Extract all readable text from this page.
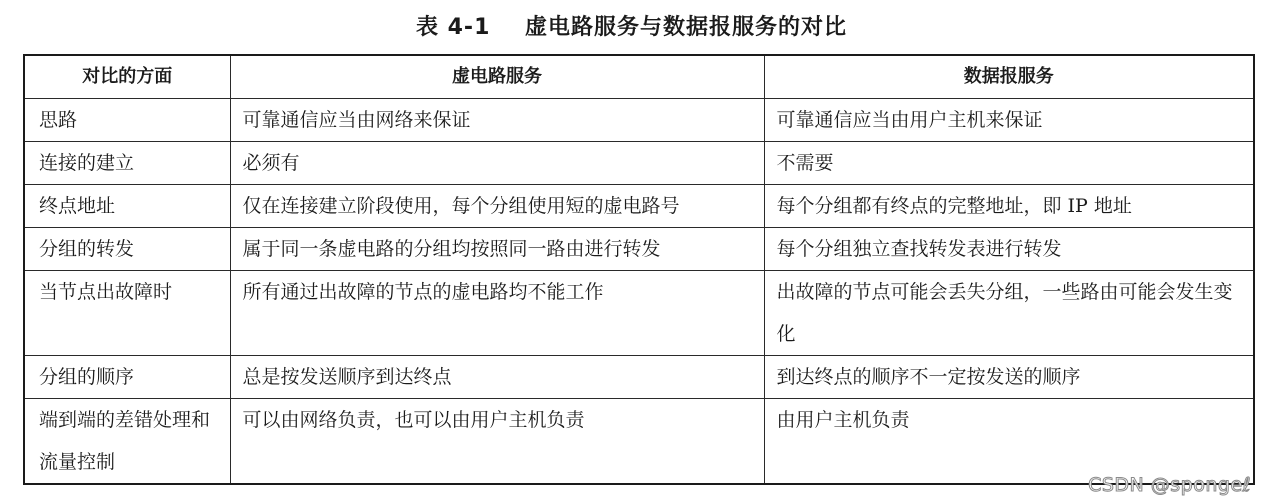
表 4-1    虚电路服务与数据报服务的对比
对比的方面	虚电路服务	数据报服务
思路	可靠通信应当由网络来保证	可靠通信应当由用户主机来保证
连接的建立	必须有	不需要
终点地址	仅在连接建立阶段使用，每个分组使用短的虚电路号	每个分组都有终点的完整地址，即 IP 地址
分组的转发	属于同一条虚电路的分组均按照同一路由进行转发	每个分组独立查找转发表进行转发
当节点出故障时	所有通过出故障的节点的虚电路均不能工作	出故障的节点可能会丢失分组，一些路由可能会发生变化
分组的顺序	总是按发送顺序到达终点	到达终点的顺序不一定按发送的顺序
端到端的差错处理和流量控制	可以由网络负责，也可以由用户主机负责	由用户主机负责
CSDN @spongeℓ
